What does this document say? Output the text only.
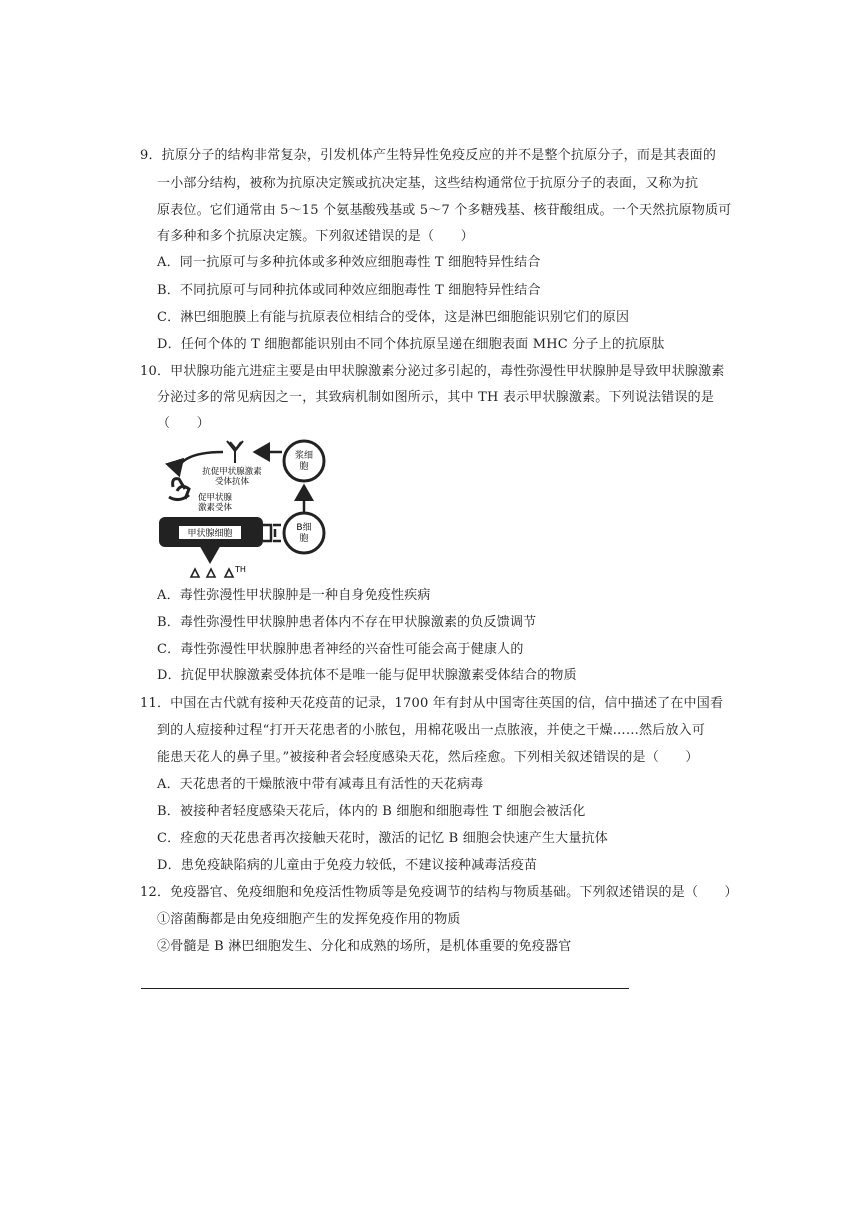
9．抗原分子的结构非常复杂，引发机体产生特异性免疫反应的并不是整个抗原分子，而是其表面的
一小部分结构，被称为抗原决定簇或抗决定基，这些结构通常位于抗原分子的表面，又称为抗
原表位。它们通常由 5～15 个氨基酸残基或 5～7 个多糖残基、核苷酸组成。一个天然抗原物质可
有多种和多个抗原决定簇。下列叙述错误的是（　　）
A．同一抗原可与多种抗体或多种效应细胞毒性 T 细胞特异性结合
B．不同抗原可与同种抗体或同种效应细胞毒性 T 细胞特异性结合
C．淋巴细胞膜上有能与抗原表位相结合的受体，这是淋巴细胞能识别它们的原因
D．任何个体的 T 细胞都能识别由不同个体抗原呈递在细胞表面 MHC 分子上的抗原肽
10．甲状腺功能亢进症主要是由甲状腺激素分泌过多引起的，毒性弥漫性甲状腺肿是导致甲状腺激素
分泌过多的常见病因之一，其致病机制如图所示，其中 TH 表示甲状腺激素。下列说法错误的是
（　　）
浆细
胞
抗促甲状腺激素
受体抗体
促甲状腺
激素受体
甲状腺细胞
B细
胞
TH
A．毒性弥漫性甲状腺肿是一种自身免疫性疾病
B．毒性弥漫性甲状腺肿患者体内不存在甲状腺激素的负反馈调节
C．毒性弥漫性甲状腺肿患者神经的兴奋性可能会高于健康人的
D．抗促甲状腺激素受体抗体不是唯一能与促甲状腺激素受体结合的物质
11．中国在古代就有接种天花疫苗的记录，1700 年有封从中国寄往英国的信，信中描述了在中国看
到的人痘接种过程“打开天花患者的小脓包，用棉花吸出一点脓液，并使之干燥……然后放入可
能患天花人的鼻子里。”被接种者会轻度感染天花，然后痊愈。下列相关叙述错误的是（　　）
A．天花患者的干燥脓液中带有减毒且有活性的天花病毒
B．被接种者轻度感染天花后，体内的 B 细胞和细胞毒性 T 细胞会被活化
C．痊愈的天花患者再次接触天花时，激活的记忆 B 细胞会快速产生大量抗体
D．患免疫缺陷病的儿童由于免疫力较低，不建议接种减毒活疫苗
12．免疫器官、免疫细胞和免疫活性物质等是免疫调节的结构与物质基础。下列叙述错误的是（　　）
①溶菌酶都是由免疫细胞产生的发挥免疫作用的物质
②骨髓是 B 淋巴细胞发生、分化和成熟的场所，是机体重要的免疫器官
